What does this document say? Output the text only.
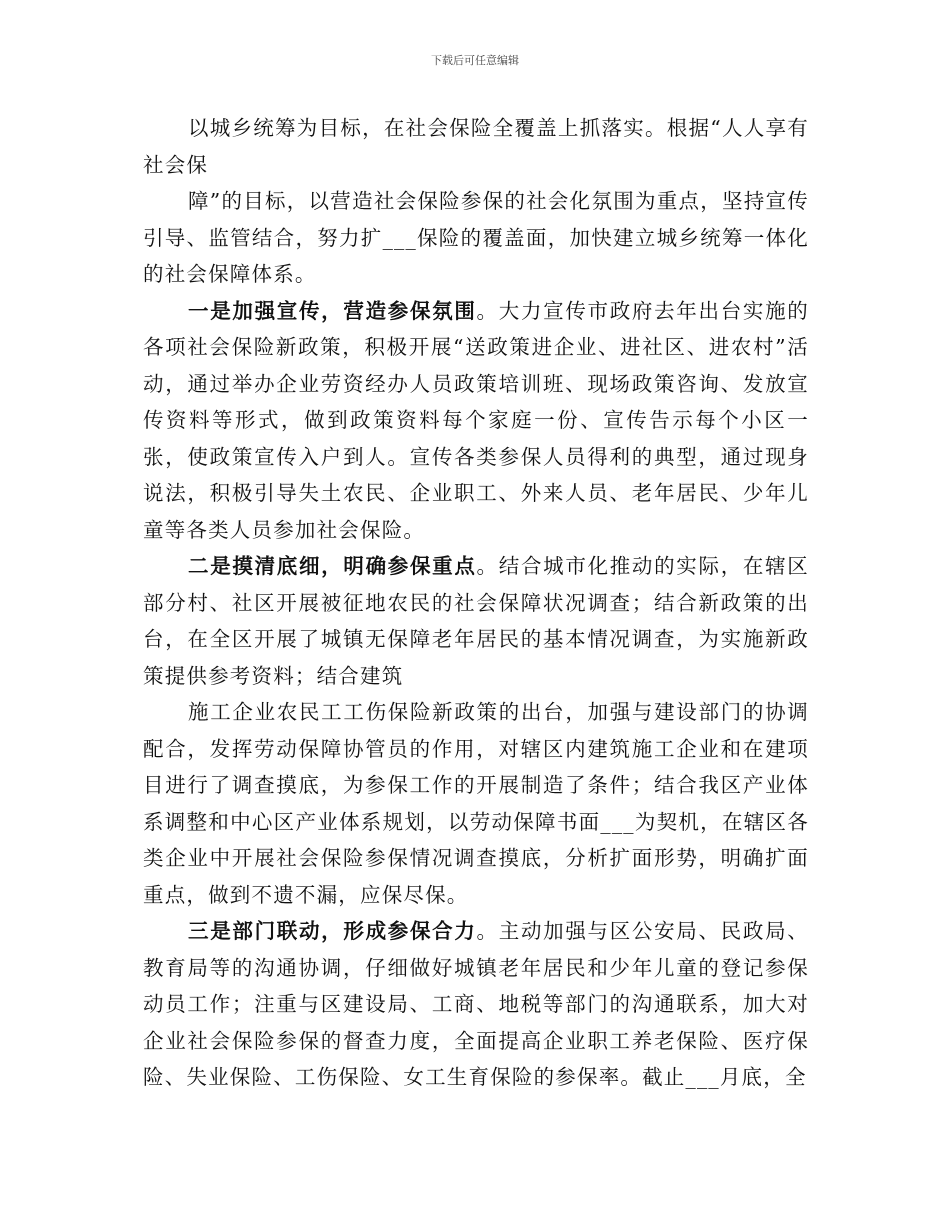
下载后可任意编辑

以城乡统筹为目标，在社会保险全覆盖上抓落实。根据“人人享有社会保

障”的目标，以营造社会保险参保的社会化氛围为重点，坚持宣传引导、监管结合，努力扩___保险的覆盖面，加快建立城乡统筹一体化的社会保障体系。

一是加强宣传，营造参保氛围。大力宣传市政府去年出台实施的各项社会保险新政策，积极开展“送政策进企业、进社区、进农村”活动，通过举办企业劳资经办人员政策培训班、现场政策咨询、发放宣传资料等形式，做到政策资料每个家庭一份、宣传告示每个小区一张，使政策宣传入户到人。宣传各类参保人员得利的典型，通过现身说法，积极引导失土农民、企业职工、外来人员、老年居民、少年儿童等各类人员参加社会保险。

二是摸清底细，明确参保重点。结合城市化推动的实际，在辖区部分村、社区开展被征地农民的社会保障状况调查；结合新政策的出台，在全区开展了城镇无保障老年居民的基本情况调查，为实施新政策提供参考资料；结合建筑

施工企业农民工工伤保险新政策的出台，加强与建设部门的协调配合，发挥劳动保障协管员的作用，对辖区内建筑施工企业和在建项目进行了调查摸底，为参保工作的开展制造了条件；结合我区产业体系调整和中心区产业体系规划，以劳动保障书面___为契机，在辖区各类企业中开展社会保险参保情况调查摸底，分析扩面形势，明确扩面重点，做到不遗不漏，应保尽保。

三是部门联动，形成参保合力。主动加强与区公安局、民政局、教育局等的沟通协调，仔细做好城镇老年居民和少年儿童的登记参保动员工作；注重与区建设局、工商、地税等部门的沟通联系，加大对企业社会保险参保的督查力度，全面提高企业职工养老保险、医疗保险、失业保险、工伤保险、女工生育保险的参保率。截止___月底，全
